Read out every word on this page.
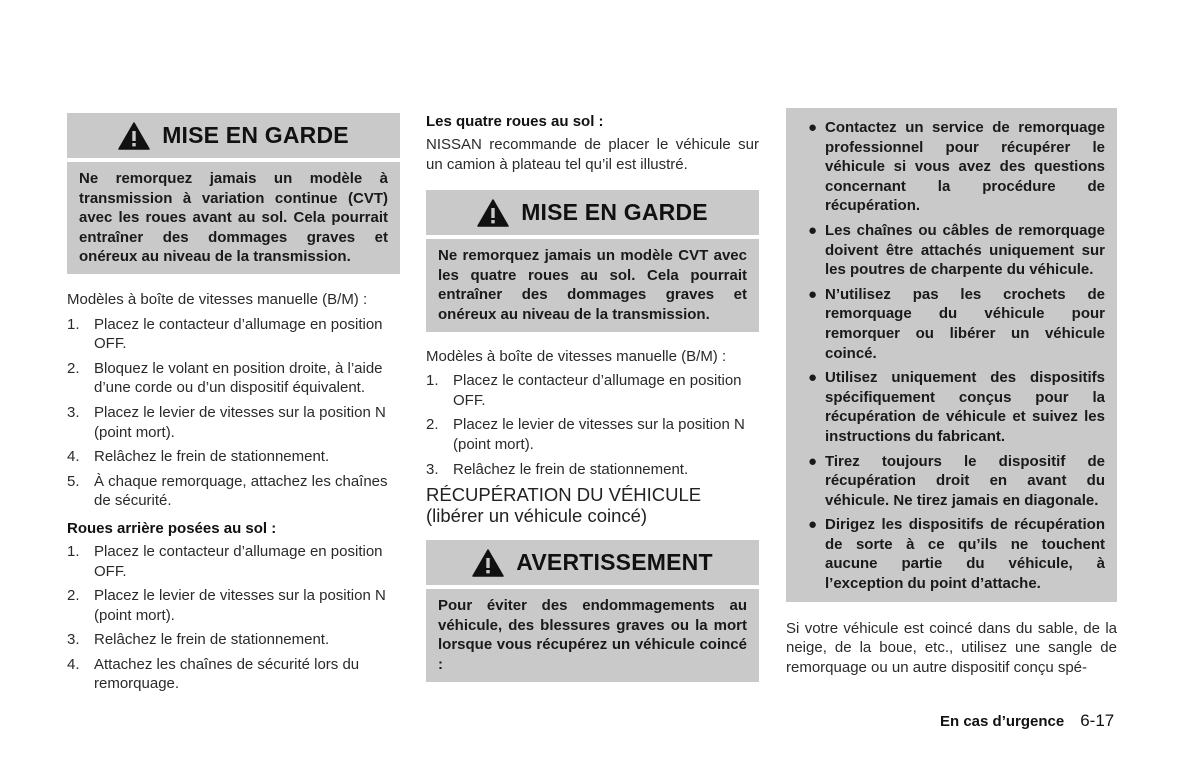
MISE EN GARDE
Ne remorquez jamais un modèle à transmission à variation continue (CVT) avec les roues avant au sol. Cela pourrait entraîner des dommages graves et onéreux au niveau de la transmission.

Modèles à boîte de vitesses manuelle (B/M) :

1. Placez le contacteur d’allumage en position OFF.
2. Bloquez le volant en position droite, à l’aide d’une corde ou d’un dispositif équivalent.
3. Placez le levier de vitesses sur la position N (point mort).
4. Relâchez le frein de stationnement.
5. À chaque remorquage, attachez les chaînes de sécurité.

Roues arrière posées au sol :

1. Placez le contacteur d’allumage en position OFF.
2. Placez le levier de vitesses sur la position N (point mort).
3. Relâchez le frein de stationnement.
4. Attachez les chaînes de sécurité lors du remorquage.

Les quatre roues au sol :

NISSAN recommande de placer le véhicule sur un camion à plateau tel qu’il est illustré.

MISE EN GARDE
Ne remorquez jamais un modèle CVT avec les quatre roues au sol. Cela pourrait entraîner des dommages graves et onéreux au niveau de la transmission.

Modèles à boîte de vitesses manuelle (B/M) :

1. Placez le contacteur d’allumage en position OFF.
2. Placez le levier de vitesses sur la position N (point mort).
3. Relâchez le frein de stationnement.

RÉCUPÉRATION DU VÉHICULE (libérer un véhicule coincé)

AVERTISSEMENT
Pour éviter des endommagements au véhicule, des blessures graves ou la mort lorsque vous récupérez un véhicule coincé :
● Contactez un service de remorquage professionnel pour récupérer le véhicule si vous avez des questions concernant la procédure de récupération.
● Les chaînes ou câbles de remorquage doivent être attachés uniquement sur les poutres de charpente du véhicule.
● N’utilisez pas les crochets de remorquage du véhicule pour remorquer ou libérer un véhicule coincé.
● Utilisez uniquement des dispositifs spécifiquement conçus pour la récupération de véhicule et suivez les instructions du fabricant.
● Tirez toujours le dispositif de récupération droit en avant du véhicule. Ne tirez jamais en diagonale.
● Dirigez les dispositifs de récupération de sorte à ce qu’ils ne touchent aucune partie du véhicule, à l’exception du point d’attache.

Si votre véhicule est coincé dans du sable, de la neige, de la boue, etc., utilisez une sangle de remorquage ou un autre dispositif conçu spé-

En cas d’urgence 6-17
